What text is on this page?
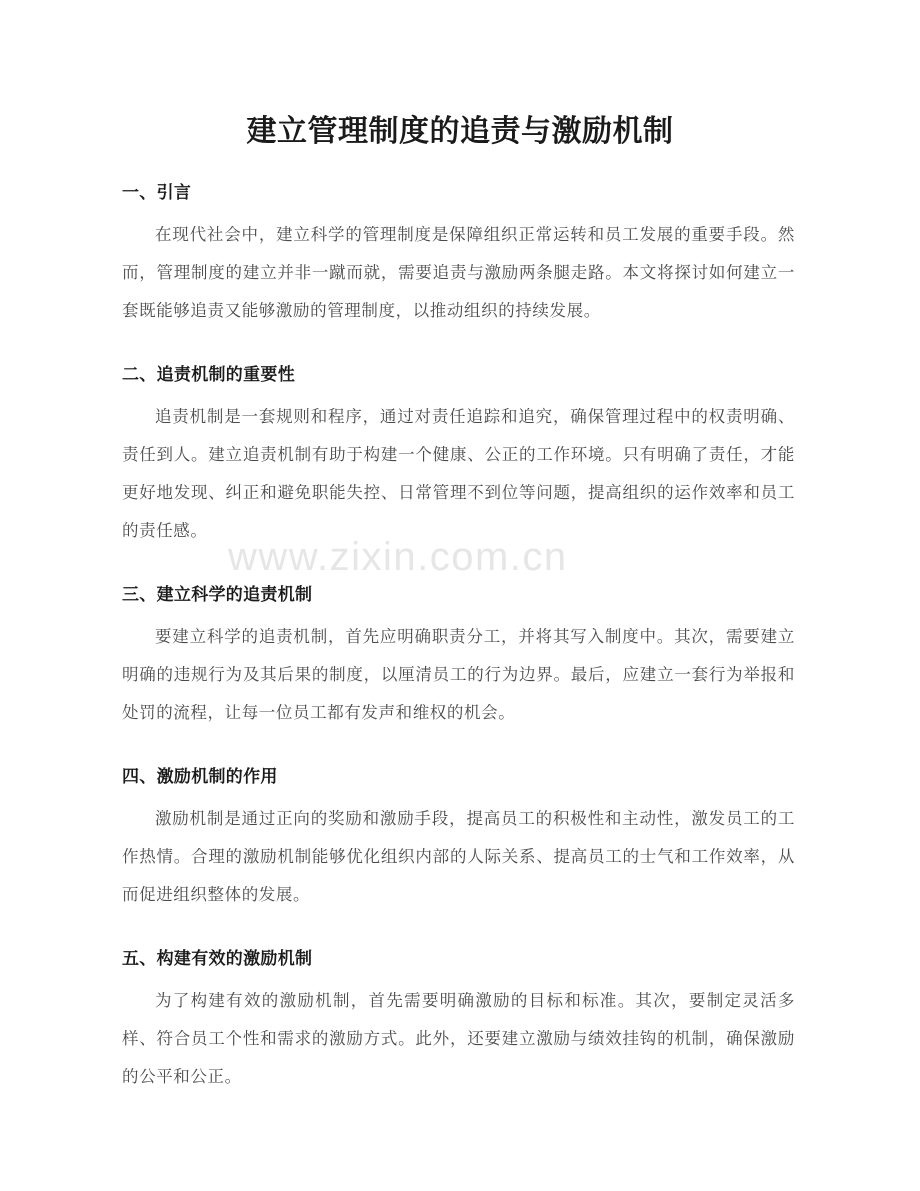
www.zixin.com.cn
建立管理制度的追责与激励机制
一、引言

在现代社会中，建立科学的管理制度是保障组织正常运转和员工发展的重要手段。然而，管理制度的建立并非一蹴而就，需要追责与激励两条腿走路。本文将探讨如何建立一套既能够追责又能够激励的管理制度，以推动组织的持续发展。

二、追责机制的重要性

追责机制是一套规则和程序，通过对责任追踪和追究，确保管理过程中的权责明确、责任到人。建立追责机制有助于构建一个健康、公正的工作环境。只有明确了责任，才能更好地发现、纠正和避免职能失控、日常管理不到位等问题，提高组织的运作效率和员工的责任感。

三、建立科学的追责机制

要建立科学的追责机制，首先应明确职责分工，并将其写入制度中。其次，需要建立明确的违规行为及其后果的制度，以厘清员工的行为边界。最后，应建立一套行为举报和处罚的流程，让每一位员工都有发声和维权的机会。

四、激励机制的作用

激励机制是通过正向的奖励和激励手段，提高员工的积极性和主动性，激发员工的工作热情。合理的激励机制能够优化组织内部的人际关系、提高员工的士气和工作效率，从而促进组织整体的发展。

五、构建有效的激励机制

为了构建有效的激励机制，首先需要明确激励的目标和标准。其次，要制定灵活多样、符合员工个性和需求的激励方式。此外，还要建立激励与绩效挂钩的机制，确保激励的公平和公正。
